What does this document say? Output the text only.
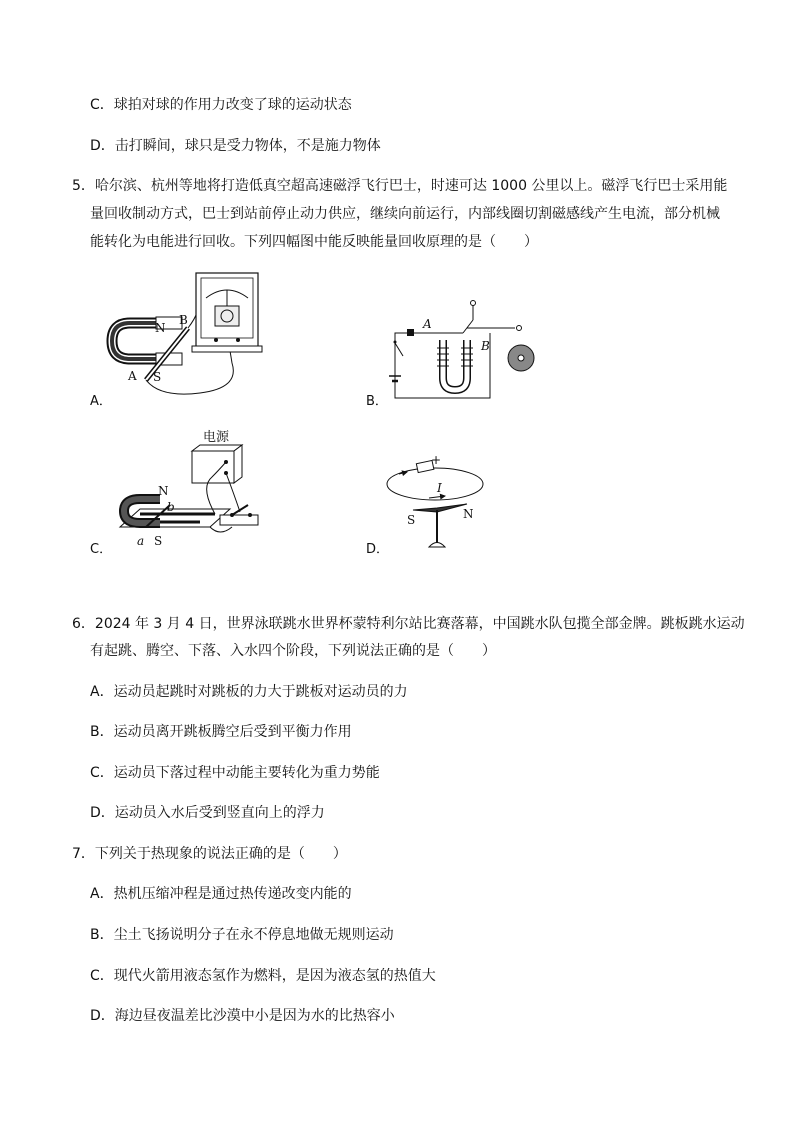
C．球拍对球的作用力改变了球的运动状态
D．击打瞬间，球只是受力物体，不是施力物体
5．哈尔滨、杭州等地将打造低真空超高速磁浮飞行巴士，时速可达 1000 公里以上。磁浮飞行巴士采用能
量回收制动方式，巴士到站前停止动力供应，继续向前运行，内部线圈切割磁感线产生电流，部分机械
能转化为电能进行回收。下列四幅图中能反映能量回收原理的是（　　）
N
B
A S
A．
A
B
B．
电源
N
b
a S
C．
+
I
S	N
D．
6．2024 年 3 月 4 日，世界泳联跳水世界杯蒙特利尔站比赛落幕，中国跳水队包揽全部金牌。跳板跳水运动
有起跳、腾空、下落、入水四个阶段，下列说法正确的是（　　）
A．运动员起跳时对跳板的力大于跳板对运动员的力
B．运动员离开跳板腾空后受到平衡力作用
C．运动员下落过程中动能主要转化为重力势能
D．运动员入水后受到竖直向上的浮力
7．下列关于热现象的说法正确的是（　　）
A．热机压缩冲程是通过热传递改变内能的
B．尘土飞扬说明分子在永不停息地做无规则运动
C．现代火箭用液态氢作为燃料，是因为液态氢的热值大
D．海边昼夜温差比沙漠中小是因为水的比热容小
